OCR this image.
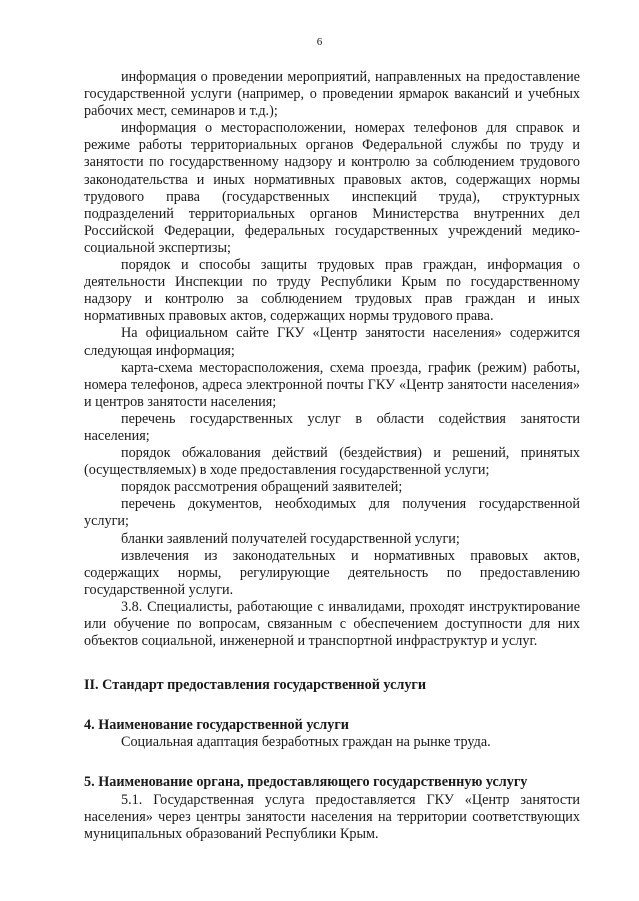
6

информация о проведении мероприятий, направленных на предоставление государственной услуги (например, о проведении ярмарок вакансий и учебных рабочих мест, семинаров и т.д.);

информация о месторасположении, номерах телефонов для справок и режиме работы территориальных органов Федеральной службы по труду и занятости по государственному надзору и контролю за соблюдением трудового законодательства и иных нормативных правовых актов, содержащих нормы трудового права (государственных инспекций труда), структурных подразделений территориальных органов Министерства внутренних дел Российской Федерации, федеральных государственных учреждений медико-социальной экспертизы;

порядок и способы защиты трудовых прав граждан, информация о деятельности Инспекции по труду Республики Крым по государственному надзору и контролю за соблюдением трудовых прав граждан и иных нормативных правовых актов, содержащих нормы трудового права.

На официальном сайте ГКУ «Центр занятости населения» содержится следующая информация;

карта-схема месторасположения, схема проезда, график (режим) работы, номера телефонов, адреса электронной почты ГКУ «Центр занятости населения» и центров занятости населения;

перечень государственных услуг в области содействия занятости населения;

порядок обжалования действий (бездействия) и решений, принятых (осуществляемых) в ходе предоставления государственной услуги;

порядок рассмотрения обращений заявителей;

перечень документов, необходимых для получения государственной услуги;

бланки заявлений получателей государственной услуги;

извлечения из законодательных и нормативных правовых актов, содержащих нормы, регулирующие деятельность по предоставлению государственной услуги.

3.8. Специалисты, работающие с инвалидами, проходят инструктирование или обучение по вопросам, связанным с обеспечением доступности для них объектов социальной, инженерной и транспортной инфраструктур и услуг.

II. Стандарт предоставления государственной услуги

4. Наименование государственной услуги

Социальная адаптация безработных граждан на рынке труда.

5. Наименование органа, предоставляющего государственную услугу

5.1. Государственная услуга предоставляется ГКУ «Центр занятости населения» через центры занятости населения на территории соответствующих муниципальных образований Республики Крым.
